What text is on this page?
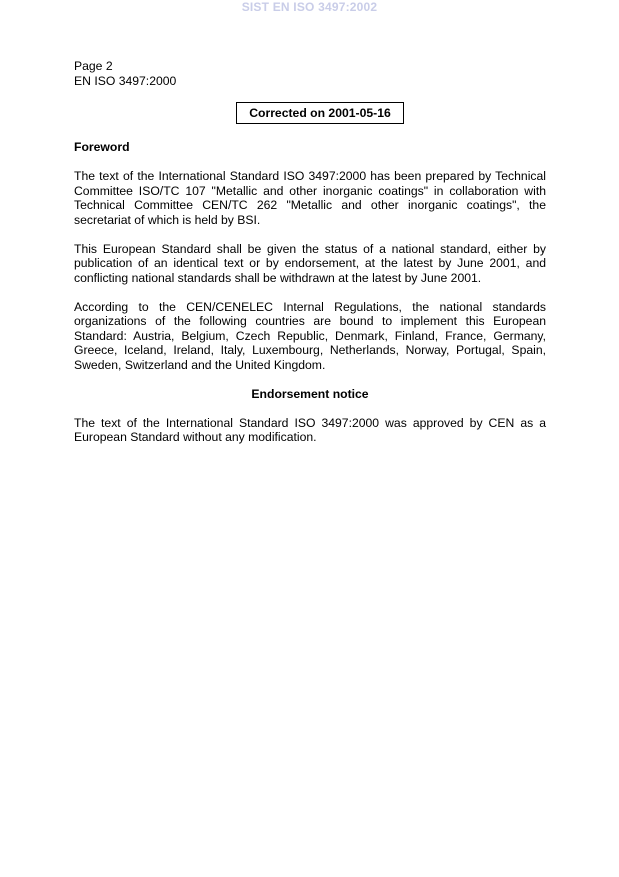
SIST EN ISO 3497:2002
Page 2
EN ISO 3497:2000
Corrected on 2001-05-16
Foreword

The text of the International Standard ISO 3497:2000 has been prepared by Technical Committee ISO/TC 107 "Metallic and other inorganic coatings" in collaboration with Technical Committee CEN/TC 262 "Metallic and other inorganic coatings", the secretariat of which is held by BSI.

This European Standard shall be given the status of a national standard, either by publication of an identical text or by endorsement, at the latest by June 2001, and conflicting national standards shall be withdrawn at the latest by June 2001.

According to the CEN/CENELEC Internal Regulations, the national standards organizations of the following countries are bound to implement this European Standard: Austria, Belgium, Czech Republic, Denmark, Finland, France, Germany, Greece, Iceland, Ireland, Italy, Luxembourg, Netherlands, Norway, Portugal, Spain, Sweden, Switzerland and the United Kingdom.

Endorsement notice

The text of the International Standard ISO 3497:2000 was approved by CEN as a European Standard without any modification.
